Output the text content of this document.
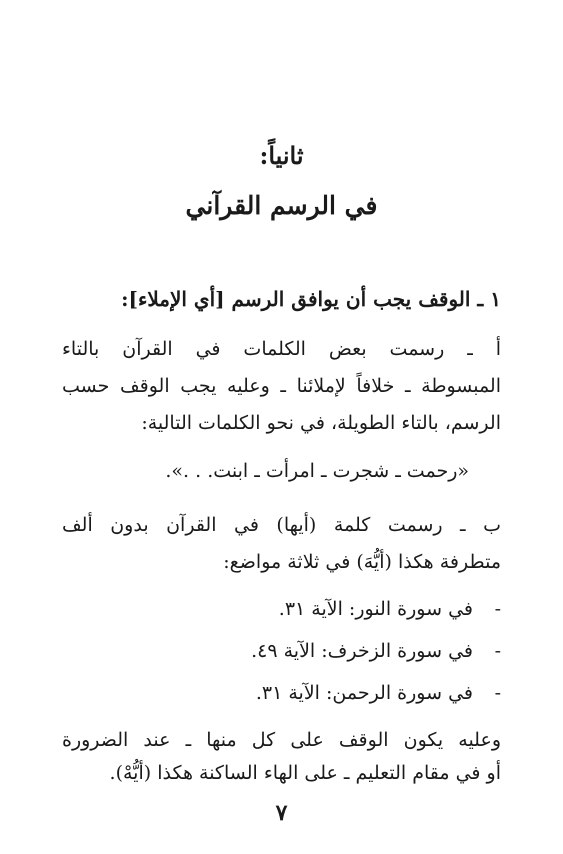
ثانياً:
في الرسم القرآني
١ ـ الوقف يجب أن يوافق الرسم [أي الإملاء]:
أ ـ رسمت بعض الكلمات في القرآن بالتاء
المبسوطة ـ خلافاً لإملائنا ـ وعليه يجب الوقف حسب
الرسم، بالتاء الطويلة، في نحو الكلمات التالية:
«رحمت ـ شجرت ـ امرأت ـ ابنت. . .».
ب ـ رسمت كلمة (أيها) في القرآن بدون ألف
متطرفة هكذا (أيُّهَ) في ثلاثة مواضع:
-في سورة النور: الآية ٣١.
-في سورة الزخرف: الآية ٤٩.
-في سورة الرحمن: الآية ٣١.
وعليه يكون الوقف على كل منها ـ عند الضرورة
أو في مقام التعليم ـ على الهاء الساكنة هكذا (أيُّهْ).
٧
